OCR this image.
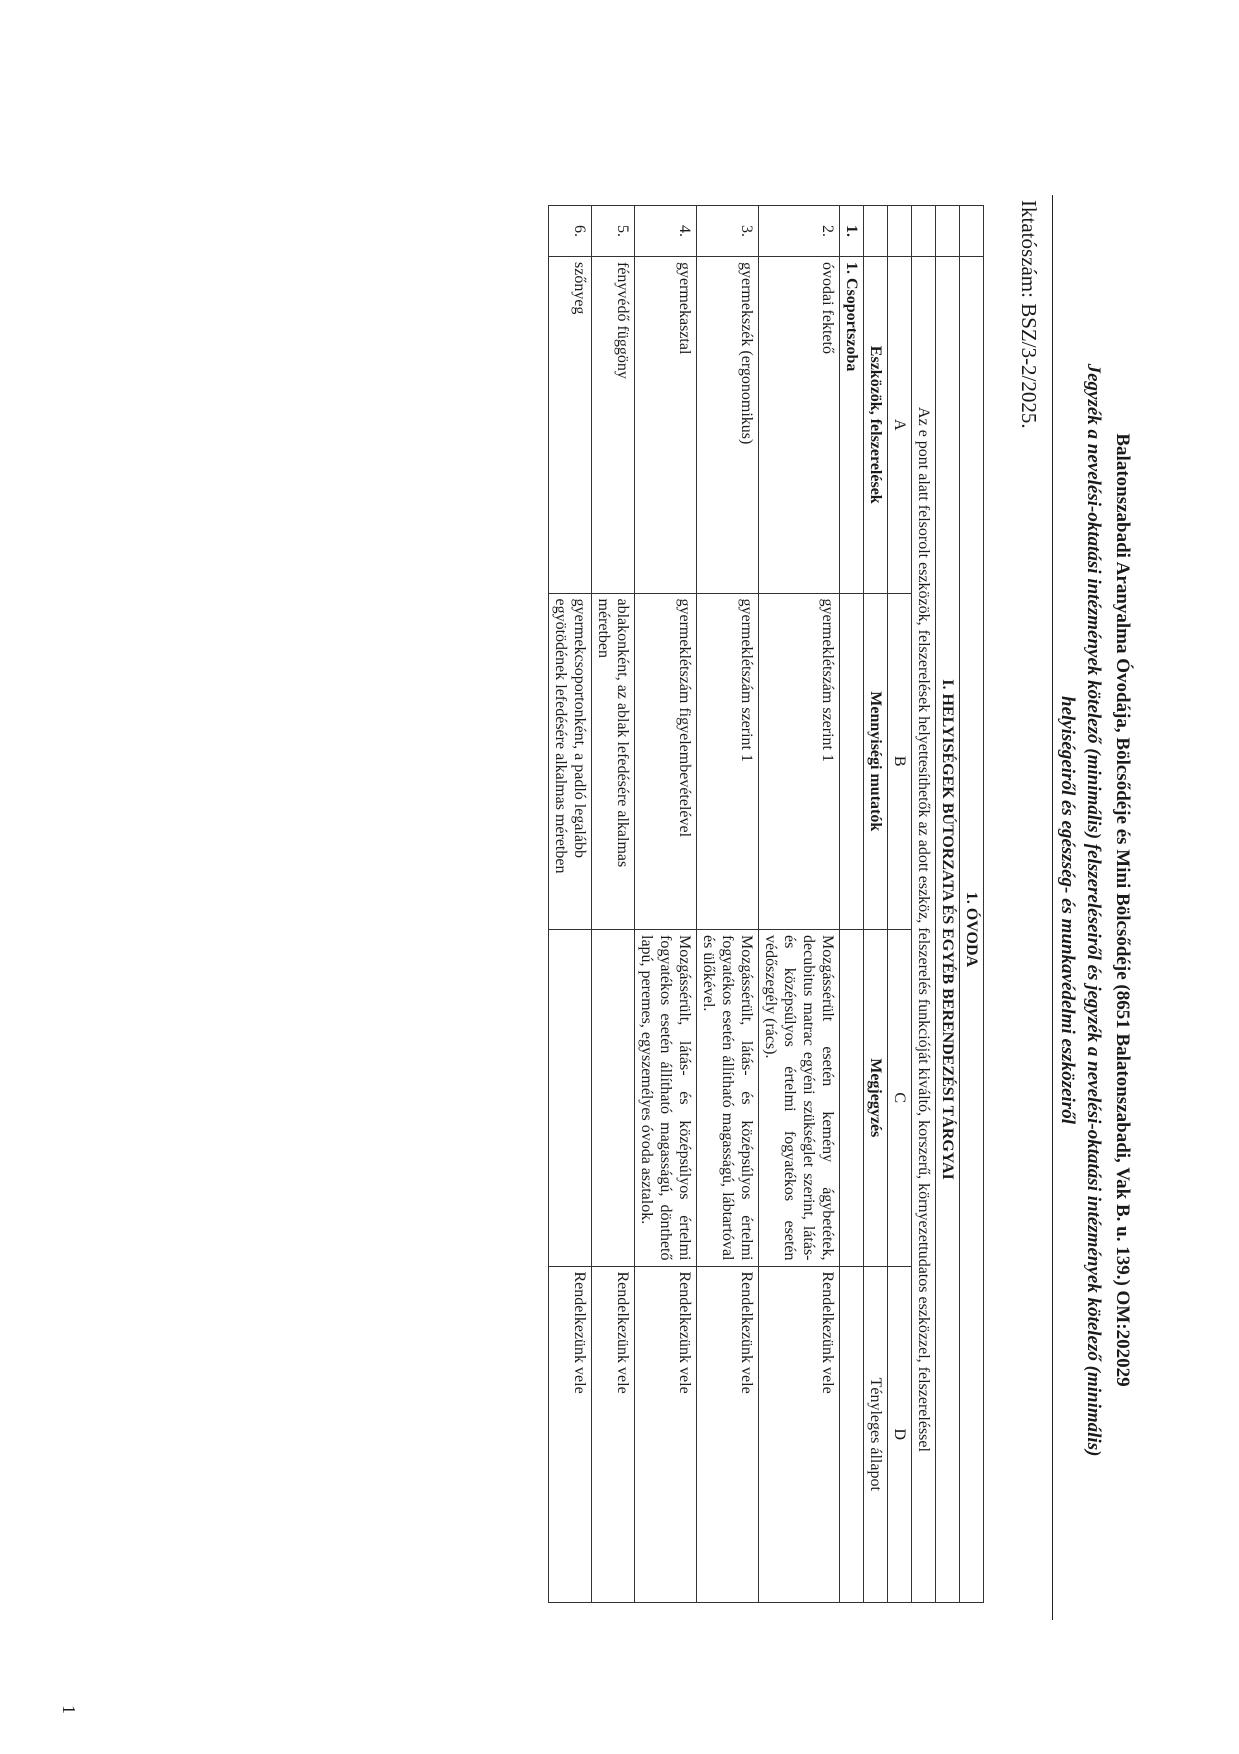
Balatonszabadi Aranyalma Óvodája, Bölcsődéje és Mini Bölcsődéje (8651 Balatonszabadi, Vak B. u. 139.) OM:202029
Jegyzék a nevelési-oktatási intézmények kötelező (minimális) felszereléseiről és jegyzék a nevelési-oktatási intézmények kötelező (minimális)
helyiségeiről és egészség- és munkavédelmi eszközeiről
Iktatószám: BSZ/3-2/2025.
	1. ÓVODA			
	I. HELYISÉGEK BÚTORZATA ÉS EGYÉB BERENDEZÉSI TÁRGYAI			
	Az e pont alatt felsorolt eszközök, felszerelések helyettesíthetők az adott eszköz, felszerelés funkcióját kiváltó, korszerű, környezettudatos eszközzel, felszereléssel			
	A	B	C	D
	Eszközök, felszerelések	Mennyiségi mutatók	Megjegyzés	Tényleges állapot
1.	1. Csoportszoba			
2.	óvodai fektető	gyermeklétszám szerint 1	Mozgássérült esetén kemény ágybetétek, decubitus matrac egyéni szükséglet szerint, látás- és középsúlyos értelmi fogyatékos esetén védőszegély (rács).	Rendelkezünk vele
3.	gyermekszék (ergonomikus)	gyermeklétszám szerint 1	Mozgássérült, látás- és középsúlyos értelmi fogyatékos esetén állítható magasságú, lábtartóval és ülőkével.	Rendelkezünk vele
4.	gyermekasztal	gyermeklétszám figyelembevételével	Mozgássérült, látás- és középsúlyos értelmi fogyatékos esetén állítható magasságú, dönthető lapú, peremes, egyszemélyes óvoda asztalok.	Rendelkezünk vele
5.	fényvédő függöny	ablakonként, az ablak lefedésére alkalmas méretben		Rendelkezünk vele
6.	szőnyeg	gyermekcsoportonként, a padló legalább egyötödének lefedésére alkalmas méretben		Rendelkezünk vele
1
